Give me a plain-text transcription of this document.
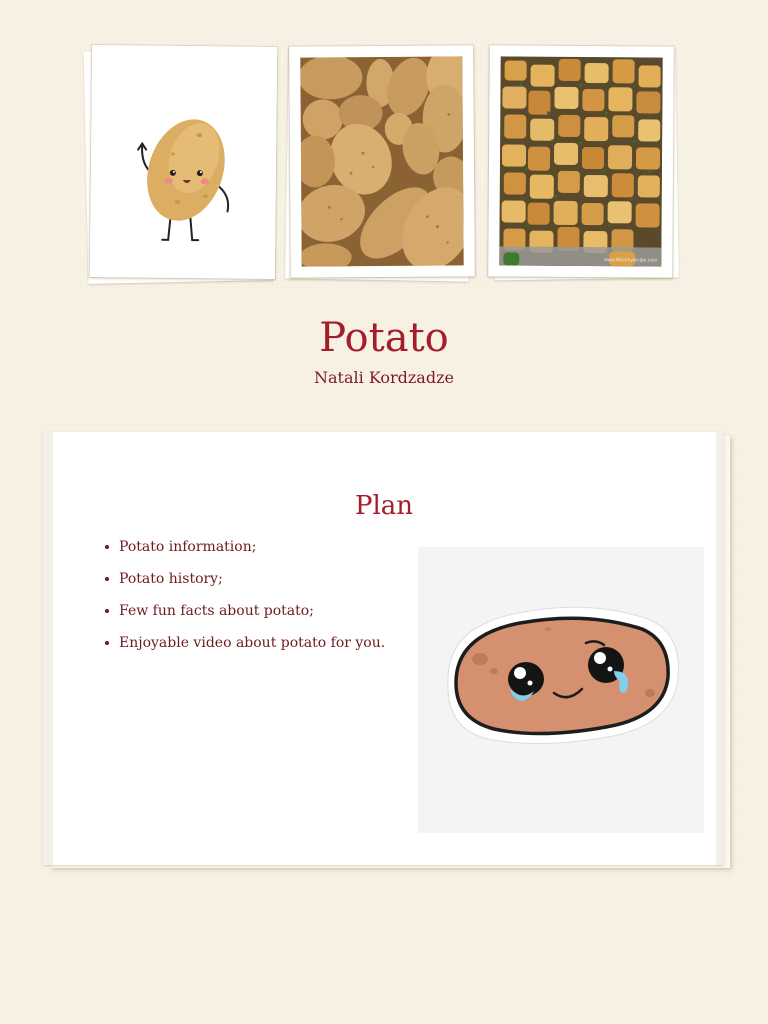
www.lifeinmyrecipe.com
Potato
Natali Kordzadze
Plan
Potato information;
Potato history;
Few fun facts about potato;
Enjoyable video about potato for you.
